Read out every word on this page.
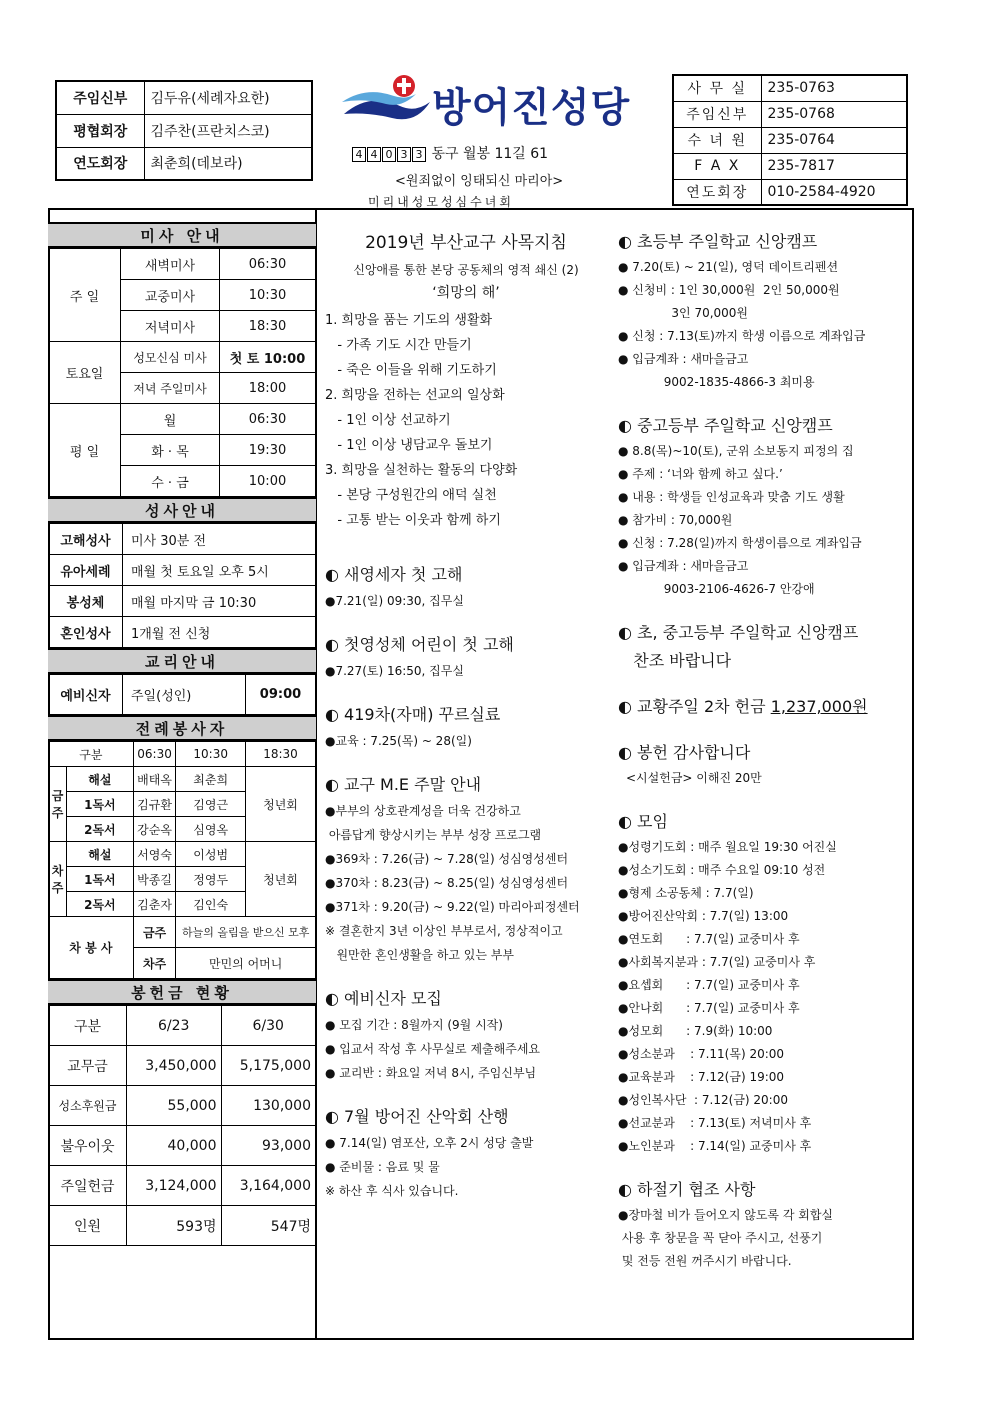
주임신부	김두유(세례자요한)
평협회장	김주찬(프란치스코)
연도회장	최춘희(데보라)
방어진성당
4 4 0 3 3 동구 월봉 11길 61
<원죄없이 잉태되신 마리아>
미리내성모성심수녀회
사 무 실	235-0763
주임신부	235-0768
수 녀 원	235-0764
F A X	235-7817
연도회장	010-2584-4920
미사 안내
주 일	새벽미사	06:30
	교중미사	10:30
	저녁미사	18:30
토요일	성모신심 미사	첫 토 10:00
	저녁 주일미사	18:00
평 일	월	06:30
	화 · 목	19:30
	수 · 금	10:00
성사안내
고해성사	미사 30분 전
유아세례	매월 첫 토요일 오후 5시
봉성체	매월 마지막 금 10:30
혼인성사	1개월 전 신청
교리안내
예비신자	주일(성인)	09:00
전례봉사자
구분		06:30	10:30	18:30
금주	해설	배태옥	최춘희	청년회
	1독서	김규환	김영근	
	2독서	강순옥	심영옥	
차주	해설	서영숙	이성범	청년회
	1독서	박종길	정영두	
	2독서	김춘자	김인숙	
차 봉 사		금주	하늘의 올림을 받으신 모후	
		차주	만민의 어머니	
봉헌금 현황
구분	6/23	6/30
교무금	3,450,000	5,175,000
성소후원금	55,000	130,000
불우이웃	40,000	93,000
주일헌금	3,124,000	3,164,000
인원	593명	547명
2019년 부산교구 사목지침
신앙애를 통한 본당 공동체의 영적 쇄신 (2)
‘희망의 해’
1. 희망을 품는 기도의 생활화
- 가족 기도 시간 만들기
- 죽은 이들을 위해 기도하기
2. 희망을 전하는 선교의 일상화
- 1인 이상 선교하기
- 1인 이상 냉담교우 돌보기
3. 희망을 실천하는 활동의 다양화
- 본당 구성원간의 애덕 실천
- 고통 받는 이웃과 함께 하기
◐ 새영세자 첫 고해
●7.21(일) 09:30, 집무실
◐ 첫영성체 어린이 첫 고해
●7.27(토) 16:50, 집무실
◐ 419차(자매) 꾸르실료
●교육 : 7.25(목) ~ 28(일)
◐ 교구 M.E 주말 안내
●부부의 상호관계성을 더욱 건강하고
아름답게 향상시키는 부부 성장 프로그램
●369차 : 7.26(금) ~ 7.28(일) 성심영성센터
●370차 : 8.23(금) ~ 8.25(일) 성심영성센터
●371차 : 9.20(금) ~ 9.22(일) 마리아피정센터
※ 결혼한지 3년 이상인 부부로서, 정상적이고
원만한 혼인생활을 하고 있는 부부
◐ 예비신자 모집
● 모집 기간 : 8월까지 (9월 시작)
● 입교서 작성 후 사무실로 제출해주세요
● 교리반 : 화요일 저녁 8시, 주임신부님
◐ 7월 방어진 산악회 산행
● 7.14(일) 염포산, 오후 2시 성당 출발
● 준비물 : 음료 및 물
※ 하산 후 식사 있습니다.
◐ 초등부 주일학교 신앙캠프
● 7.20(토) ~ 21(일), 영덕 데이트리펜션
● 신청비 : 1인 30,000원  2인 50,000원
3인 70,000원
● 신청 : 7.13(토)까지 학생 이름으로 계좌입금
● 입금계좌 : 새마을금고
9002-1835-4866-3 최미용
◐ 중고등부 주일학교 신앙캠프
● 8.8(목)~10(토), 군위 소보동지 피정의 집
● 주제 : ‘너와 함께 하고 싶다.’
● 내용 : 학생들 인성교육과 맞춤 기도 생활
● 참가비 : 70,000원
● 신청 : 7.28(일)까지 학생이름으로 계좌입금
● 입금계좌 : 새마을금고
9003-2106-4626-7 안강애
◐ 초, 중고등부 주일학교 신앙캠프
찬조 바랍니다
◐ 교황주일 2차 헌금 1,237,000원
◐ 봉헌 감사합니다
<시설헌금> 이해진 20만
◐ 모임
●성령기도회 : 매주 월요일 19:30 어진실
●성소기도회 : 매주 수요일 09:10 성전
●형제 소공동체 : 7.7(일)
●방어진산악회 : 7.7(일) 13:00
●연도회      : 7.7(일) 교중미사 후
●사회복지분과 : 7.7(일) 교중미사 후
●요셉회      : 7.7(일) 교중미사 후
●안나회      : 7.7(일) 교중미사 후
●성모회      : 7.9(화) 10:00
●성소분과    : 7.11(목) 20:00
●교육분과    : 7.12(금) 19:00
●성인복사단  : 7.12(금) 20:00
●선교분과    : 7.13(토) 저녁미사 후
●노인분과    : 7.14(일) 교중미사 후
◐ 하절기 협조 사항
●장마철 비가 들어오지 않도록 각 회합실
사용 후 창문을 꼭 닫아 주시고, 선풍기
및 전등 전원 꺼주시기 바랍니다.
